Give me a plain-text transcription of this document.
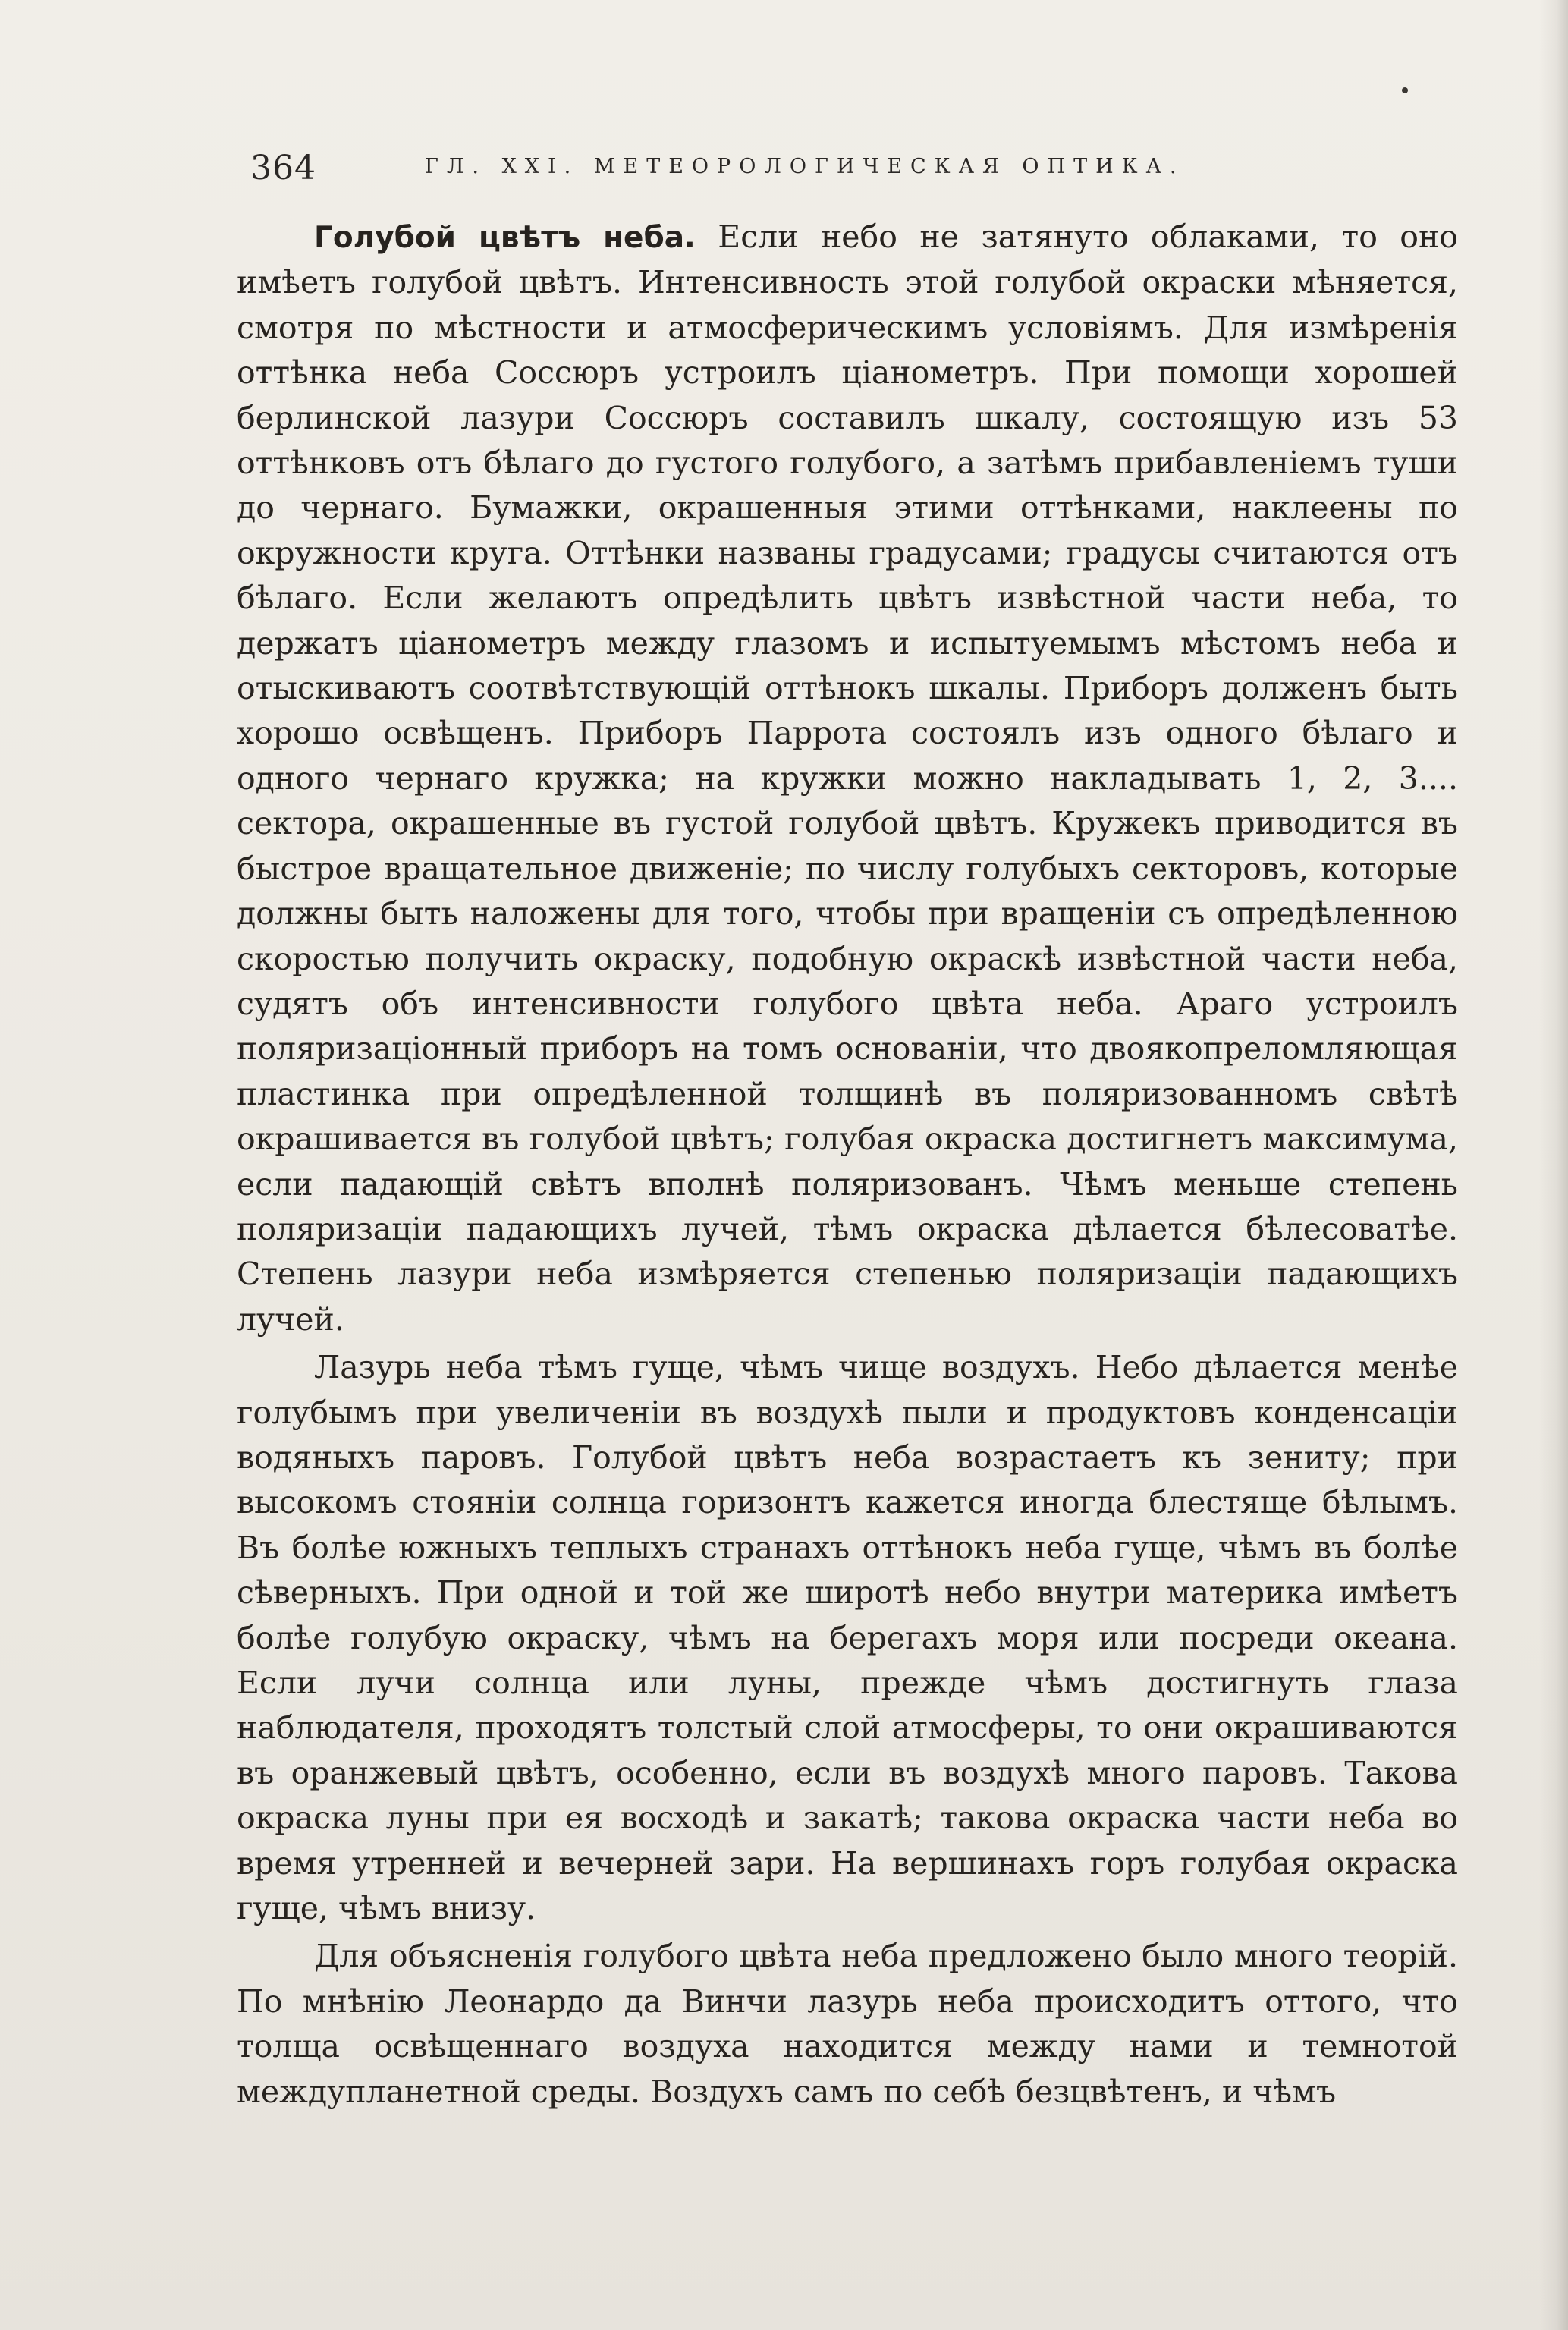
364	ГЛ. XXI. МЕТЕОРОЛОГИЧЕСКАЯ ОПТИКА.

Голубой цвѣтъ неба. Если небо не затянуто облаками, то оно имѣетъ голубой цвѣтъ. Интенсивность этой голубой окраски мѣняется, смотря по мѣстности и атмосферическимъ условіямъ. Для измѣренія оттѣнка неба Соссюръ устроилъ ціанометръ. При помощи хорошей берлинской лазури Соссюръ составилъ шкалу, состоящую изъ 53 оттѣнковъ отъ бѣлаго до густого голубого, а затѣмъ прибавленіемъ туши до чернаго. Бумажки, окрашенныя этими оттѣнками, наклеены по окружности круга. Оттѣнки названы градусами; градусы считаются отъ бѣлаго. Если желаютъ опредѣлить цвѣтъ извѣстной части неба, то держатъ ціанометръ между глазомъ и испытуемымъ мѣстомъ неба и отыскиваютъ соотвѣтствующій оттѣнокъ шкалы. Приборъ долженъ быть хорошо освѣщенъ. Приборъ Паррота состоялъ изъ одного бѣлаго и одного чернаго кружка; на кружки можно накладывать 1, 2, 3.... сектора, окрашенные въ густой голубой цвѣтъ. Кружекъ приводится въ быстрое вращательное движеніе; по числу голубыхъ секторовъ, которые должны быть наложены для того, чтобы при вращеніи съ опредѣленною скоростью получить окраску, подобную окраскѣ извѣстной части неба, судятъ объ интенсивности голубого цвѣта неба. Араго устроилъ поляризаціонный приборъ на томъ основаніи, что двоякопреломляющая пластинка при опредѣленной толщинѣ въ поляризованномъ свѣтѣ окрашивается въ голубой цвѣтъ; голубая окраска достигнетъ максимума, если падающій свѣтъ вполнѣ поляризованъ. Чѣмъ меньше степень поляризаціи падающихъ лучей, тѣмъ окраска дѣлается бѣлесоватѣе. Степень лазури неба измѣряется степенью поляризаціи падающихъ лучей.

Лазурь неба тѣмъ гуще, чѣмъ чище воздухъ. Небо дѣлается менѣе голубымъ при увеличеніи въ воздухѣ пыли и продуктовъ конденсаціи водяныхъ паровъ. Голубой цвѣтъ неба возрастаетъ къ зениту; при высокомъ стояніи солнца горизонтъ кажется иногда блестяще бѣлымъ. Въ болѣе южныхъ теплыхъ странахъ оттѣнокъ неба гуще, чѣмъ въ болѣе сѣверныхъ. При одной и той же широтѣ небо внутри материка имѣетъ болѣе голубую окраску, чѣмъ на берегахъ моря или посреди океана. Если лучи солнца или луны, прежде чѣмъ достигнуть глаза наблюдателя, проходятъ толстый слой атмосферы, то они окрашиваются въ оранжевый цвѣтъ, особенно, если въ воздухѣ много паровъ. Такова окраска луны при ея восходѣ и закатѣ; такова окраска части неба во время утренней и вечерней зари. На вершинахъ горъ голубая окраска гуще, чѣмъ внизу.

Для объясненія голубого цвѣта неба предложено было много теорій. По мнѣнію Леонардо да Винчи лазурь неба происходитъ оттого, что толща освѣщеннаго воздуха находится между нами и темнотой междупланетной среды. Воздухъ самъ по себѣ безцвѣтенъ, и чѣмъ
